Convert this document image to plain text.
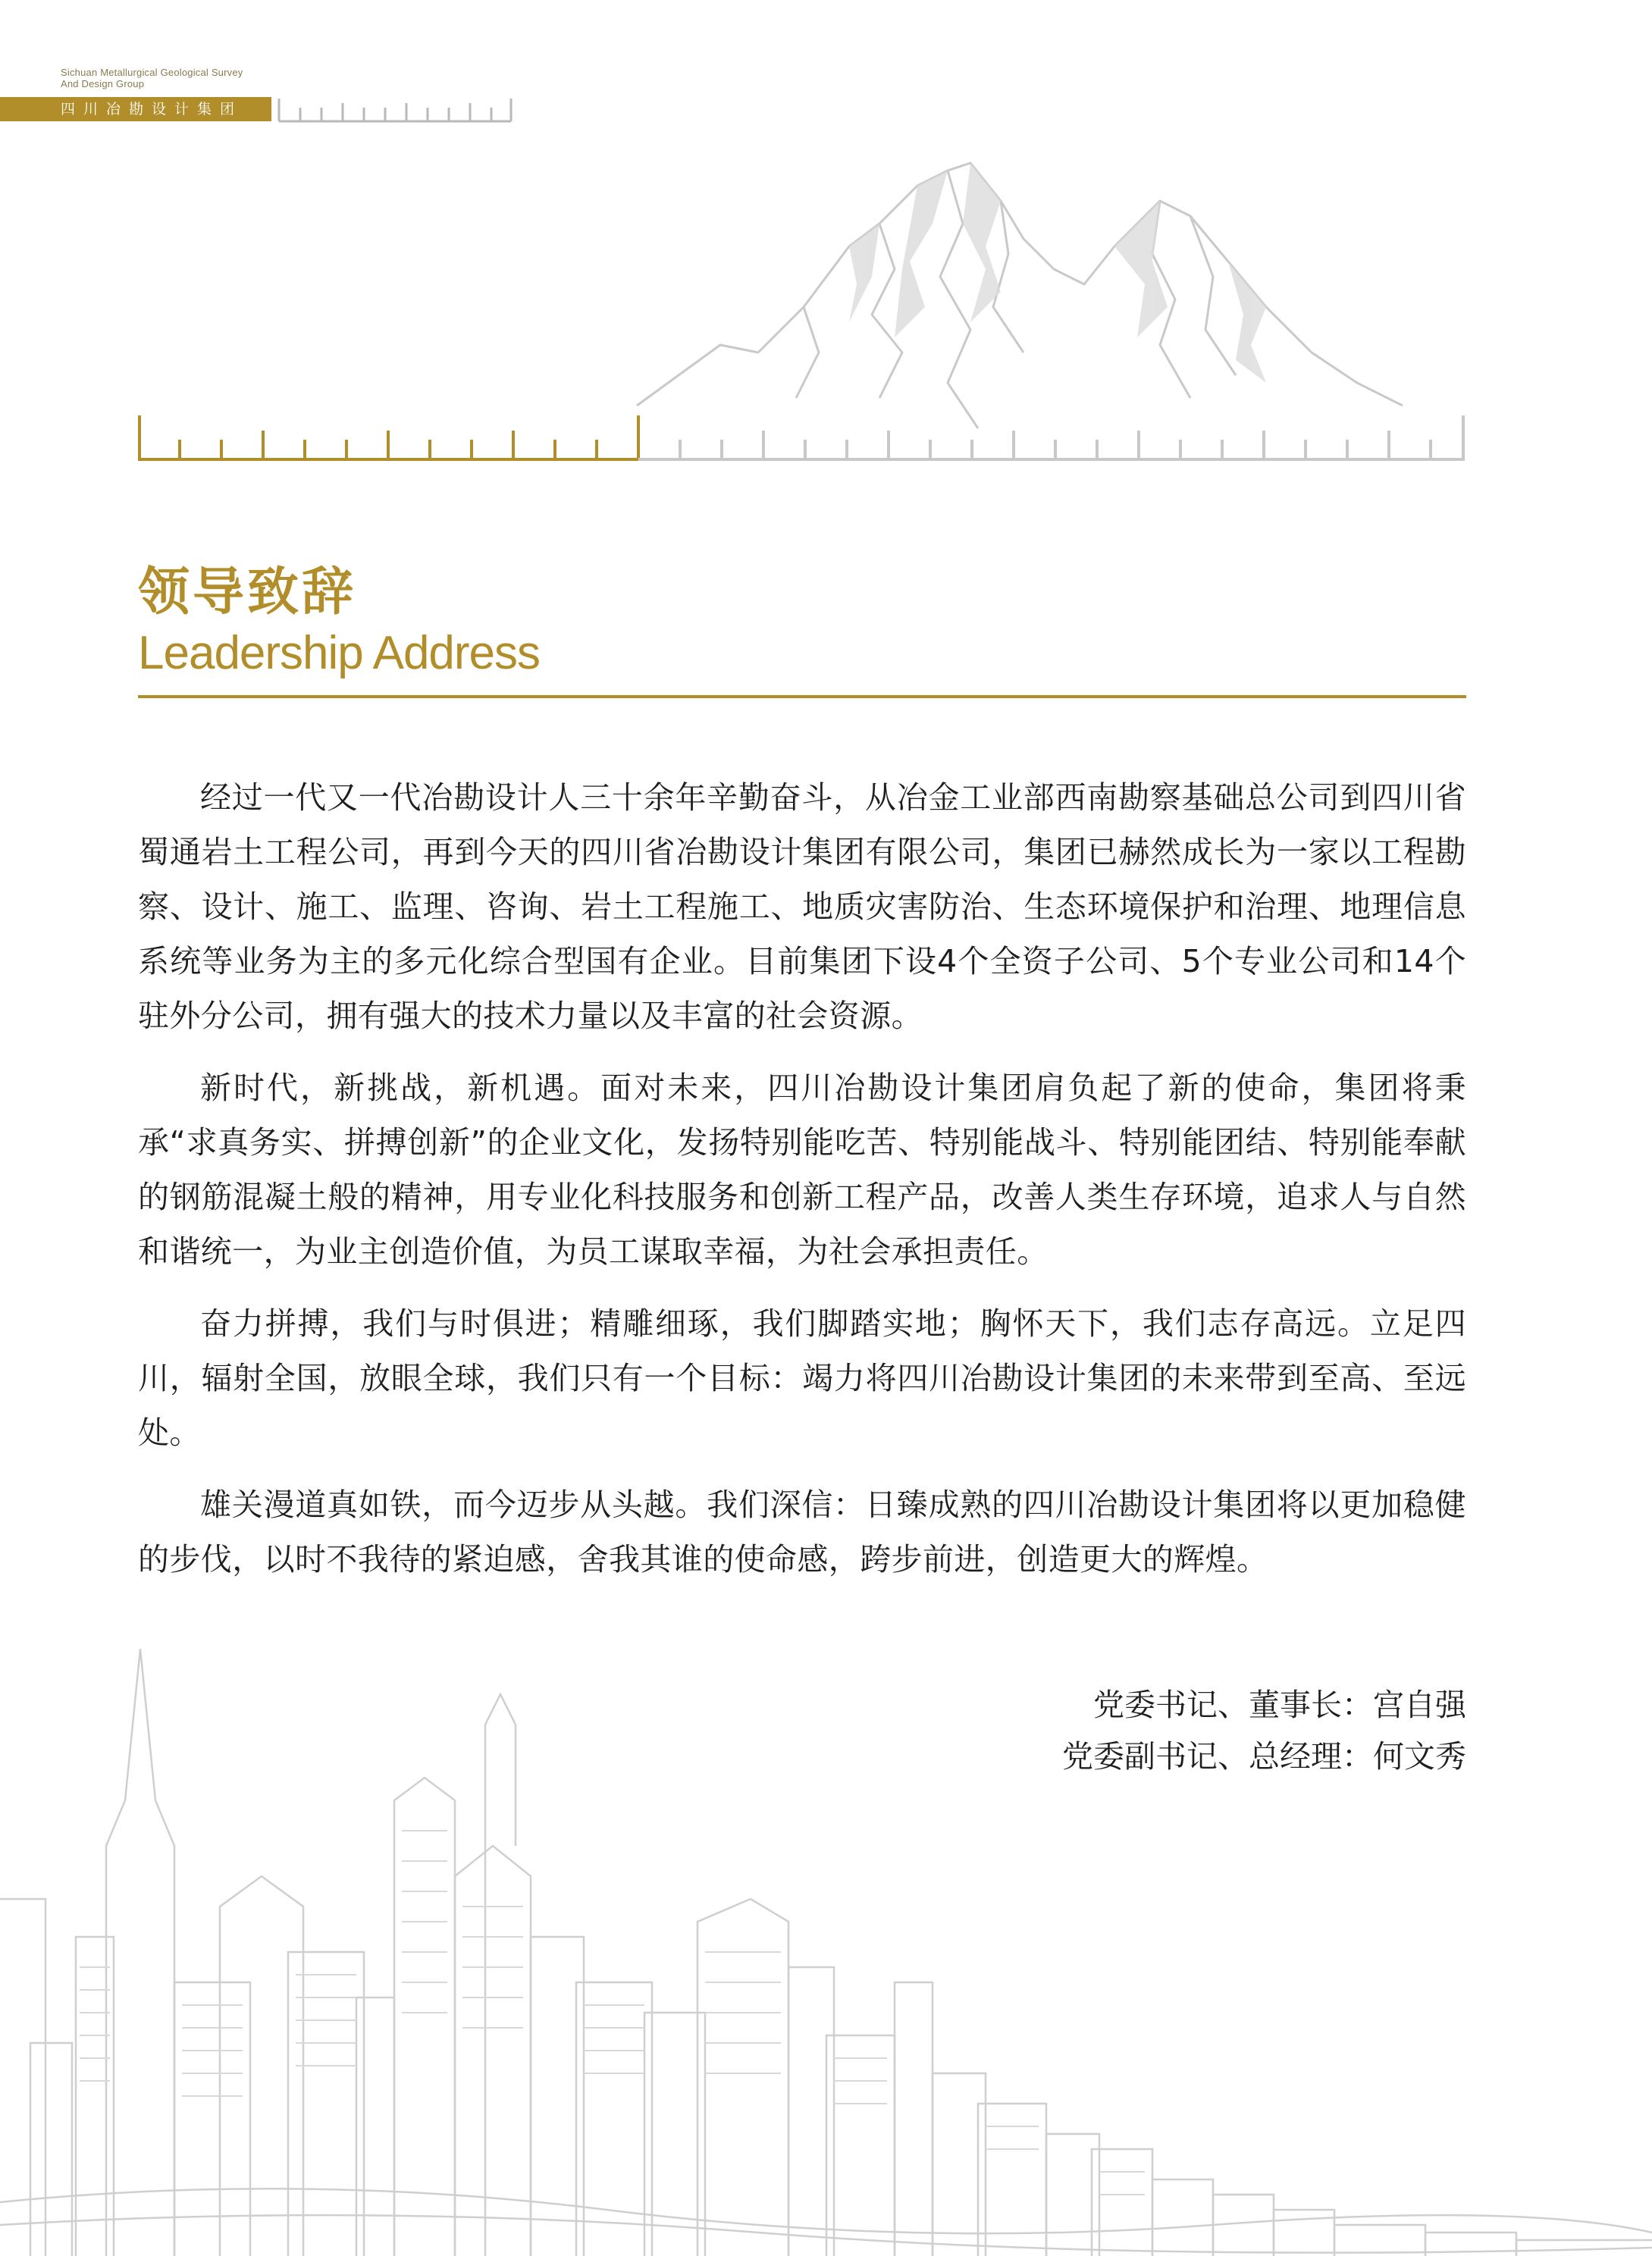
Sichuan Metallurgical Geological Survey
And Design Group
四川冶勘设计集团
领导致辞
Leadership Address

经过一代又一代冶勘设计人三十余年辛勤奋斗，从冶金工业部西南勘察基础总公司到四川省蜀通岩土工程公司，再到今天的四川省冶勘设计集团有限公司，集团已赫然成长为一家以工程勘察、设计、施工、监理、咨询、岩土工程施工、地质灾害防治、生态环境保护和治理、地理信息系统等业务为主的多元化综合型国有企业。目前集团下设4个全资子公司、5个专业公司和14个驻外分公司，拥有强大的技术力量以及丰富的社会资源。

新时代，新挑战，新机遇。面对未来，四川冶勘设计集团肩负起了新的使命，集团将秉承“求真务实、拼搏创新”的企业文化，发扬特别能吃苦、特别能战斗、特别能团结、特别能奉献的钢筋混凝土般的精神，用专业化科技服务和创新工程产品，改善人类生存环境，追求人与自然和谐统一，为业主创造价值，为员工谋取幸福，为社会承担责任。

奋力拼搏，我们与时俱进；精雕细琢，我们脚踏实地；胸怀天下，我们志存高远。立足四川，辐射全国，放眼全球，我们只有一个目标：竭力将四川冶勘设计集团的未来带到至高、至远处。

雄关漫道真如铁，而今迈步从头越。我们深信：日臻成熟的四川冶勘设计集团将以更加稳健的步伐，以时不我待的紧迫感，舍我其谁的使命感，跨步前进，创造更大的辉煌。

党委书记、董事长：宫自强
党委副书记、总经理：何文秀
